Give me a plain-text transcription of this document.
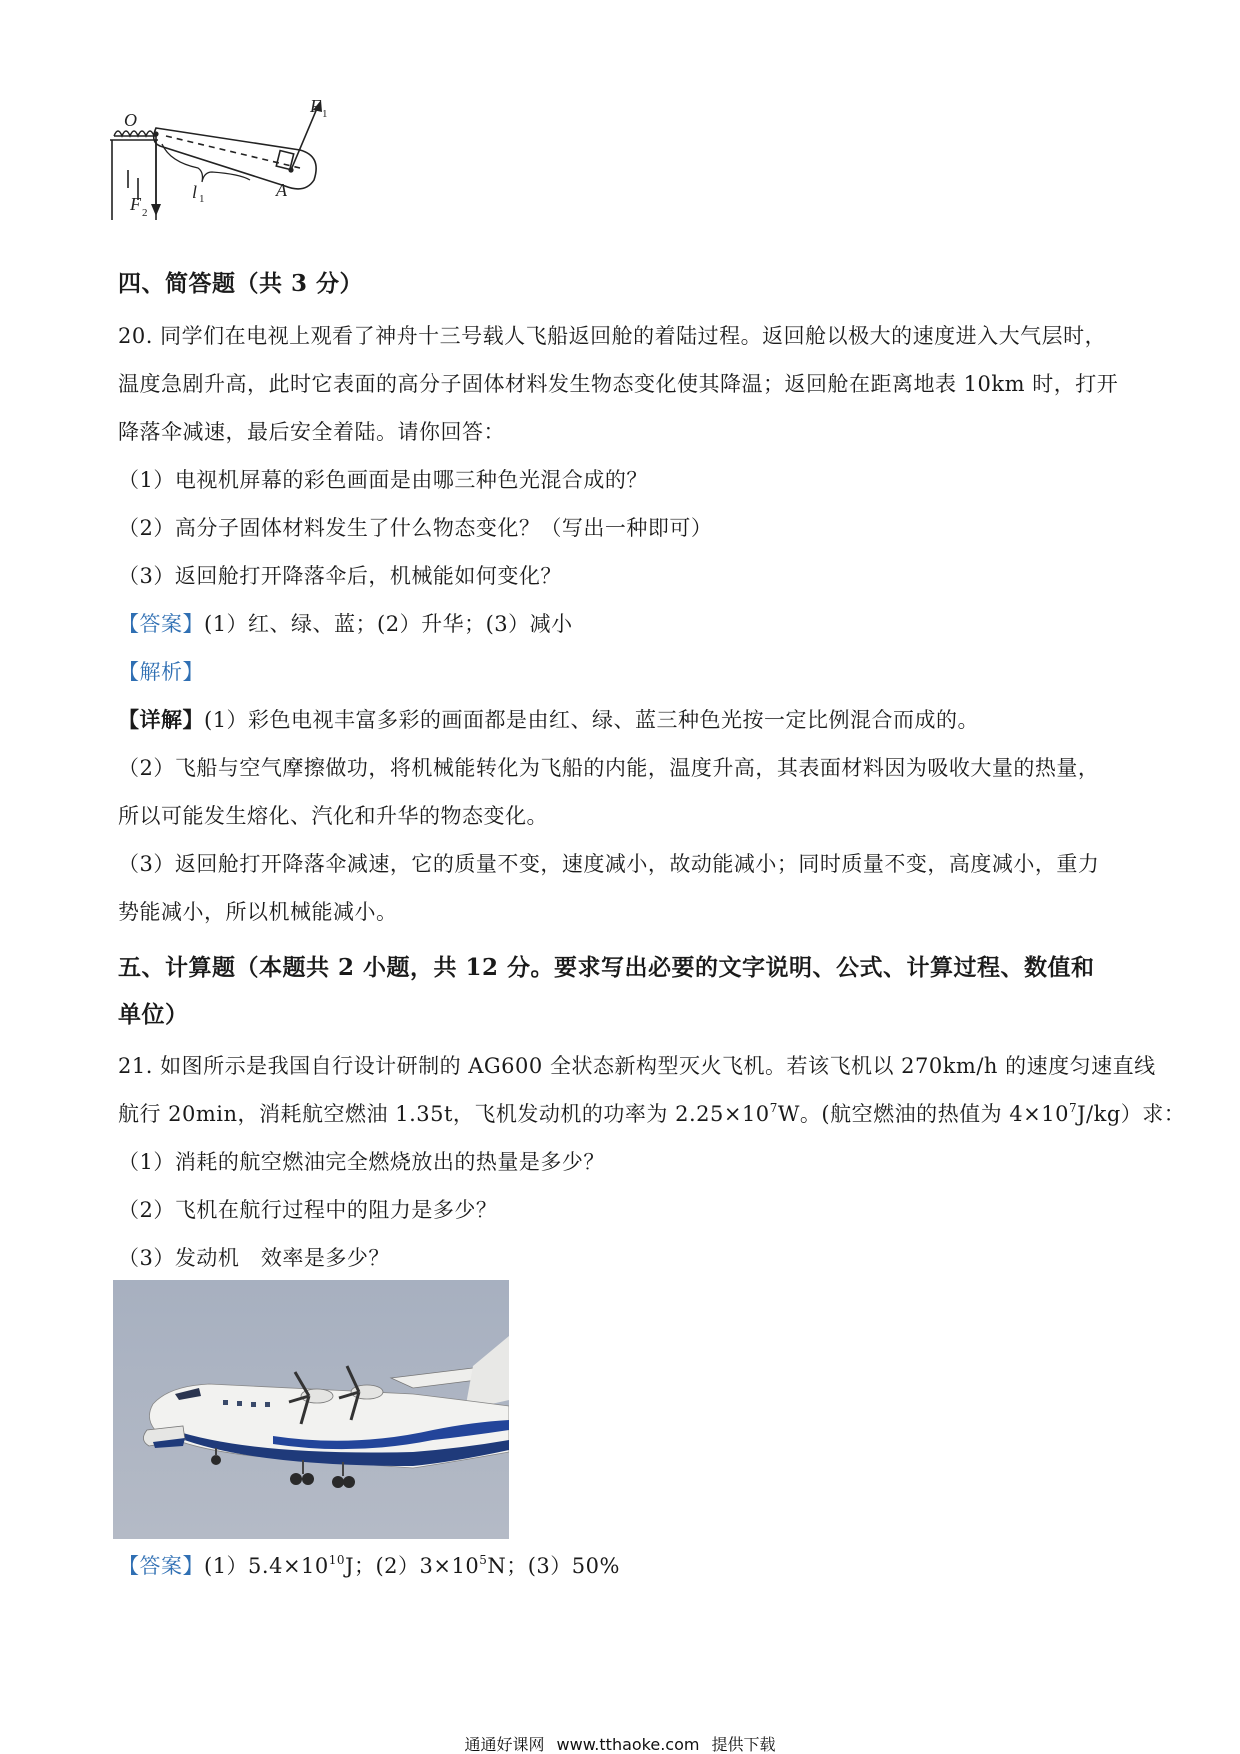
O
F 1
F 2
l 1	A
四、简答题（共 3 分）
20. 同学们在电视上观看了神舟十三号载人飞船返回舱的着陆过程。返回舱以极大的速度进入大气层时，
温度急剧升高，此时它表面的高分子固体材料发生物态变化使其降温；返回舱在距离地表 10km 时，打开
降落伞减速，最后安全着陆。请你回答：
（1）电视机屏幕的彩色画面是由哪三种色光混合成的？
（2）高分子固体材料发生了什么物态变化？（写出一种即可）
（3）返回舱打开降落伞后，机械能如何变化？
【答案】(1）红、绿、蓝；(2）升华；(3）减小
【解析】
【详解】(1）彩色电视丰富多彩的画面都是由红、绿、蓝三种色光按一定比例混合而成的。
（2）飞船与空气摩擦做功，将机械能转化为飞船的内能，温度升高，其表面材料因为吸收大量的热量，
所以可能发生熔化、汽化和升华的物态变化。
（3）返回舱打开降落伞减速，它的质量不变，速度减小，故动能减小；同时质量不变，高度减小，重力
势能减小，所以机械能减小。
五、计算题（本题共 2 小题，共 12 分。要求写出必要的文字说明、公式、计算过程、数值和
单位）
21. 如图所示是我国自行设计研制的 AG600 全状态新构型灭火飞机。若该飞机以 270km/h 的速度匀速直线
航行 20min，消耗航空燃油 1.35t，飞机发动机的功率为 $2.25\times 10^7W$。(航空燃油的热值为 $4\times 10^7J/kg$）求：
（1）消耗的航空燃油完全燃烧放出的热量是多少？
（2）飞机在航行过程中的阻力是多少？
（3）发动机　效率是多少？
【答案】$(1)5.4\times 10^{10}J$；$(2)3\times 10^5N$；(3）50%
通通好课网 www.tthaoke.com 提供下载
